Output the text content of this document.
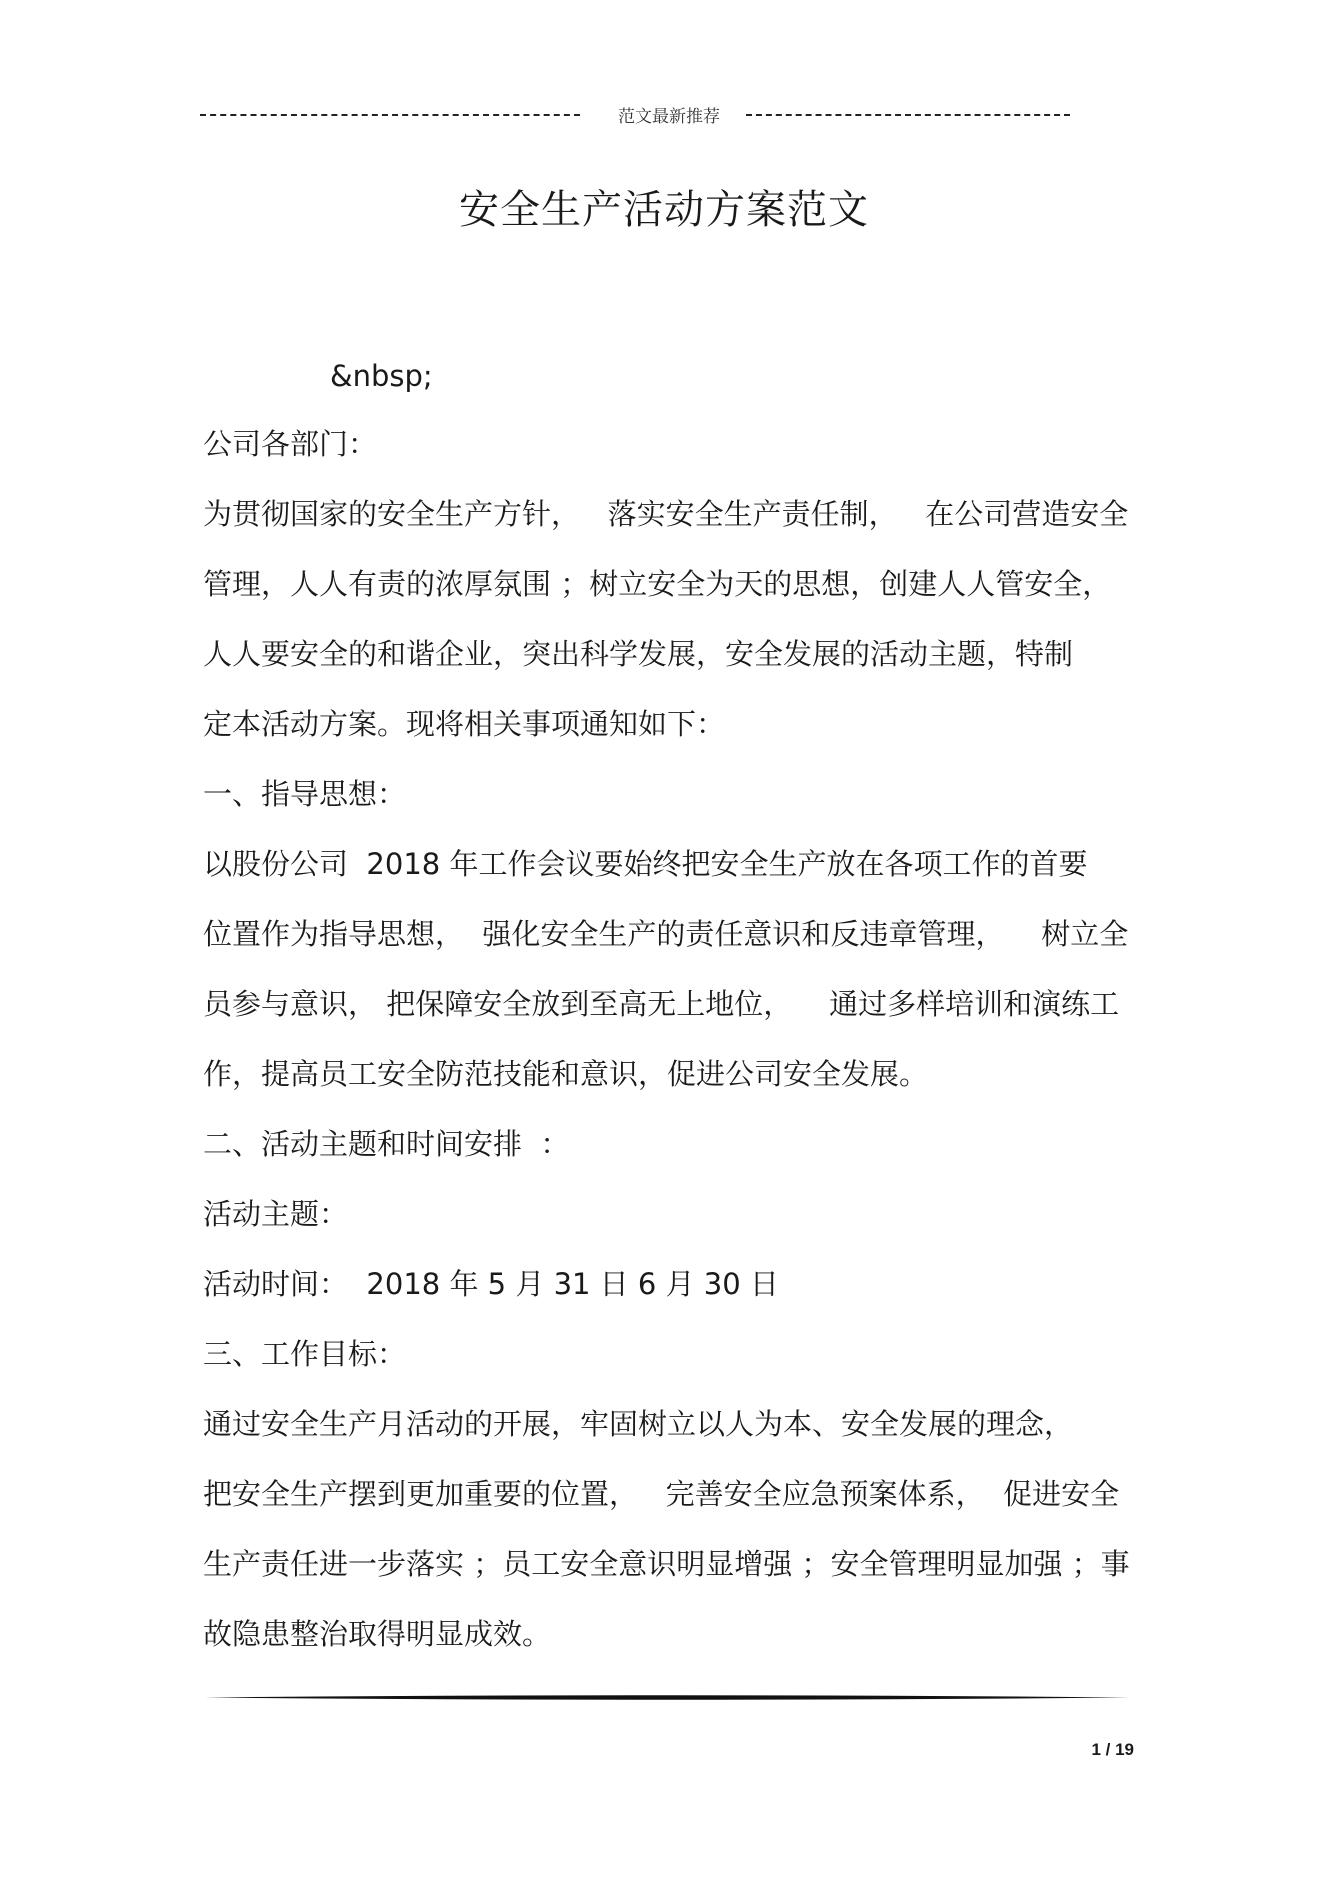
范文最新推荐
安全生产活动方案范文
&nbsp;
公司各部门：
为贯彻国家的安全生产方针，   落实安全生产责任制，   在公司营造安全
管理，人人有责的浓厚氛围 ；树立安全为天的思想，创建人人管安全，
人人要安全的和谐企业，突出科学发展，安全发展的活动主题，特制
定本活动方案。现将相关事项通知如下：
一、指导思想：
以股份公司  2018 年工作会议要始终把安全生产放在各项工作的首要
位置作为指导思想，  强化安全生产的责任意识和反违章管理，    树立全
员参与意识， 把保障安全放到至高无上地位，    通过多样培训和演练工
作，提高员工安全防范技能和意识，促进公司安全发展。
二、活动主题和时间安排  ：
活动主题：
活动时间：  2018 年 5 月 31 日 6 月 30 日
三、工作目标：
通过安全生产月活动的开展，牢固树立以人为本、安全发展的理念，
把安全生产摆到更加重要的位置，   完善安全应急预案体系，  促进安全
生产责任进一步落实 ；员工安全意识明显增强 ；安全管理明显加强 ；事
故隐患整治取得明显成效。
1 / 19
